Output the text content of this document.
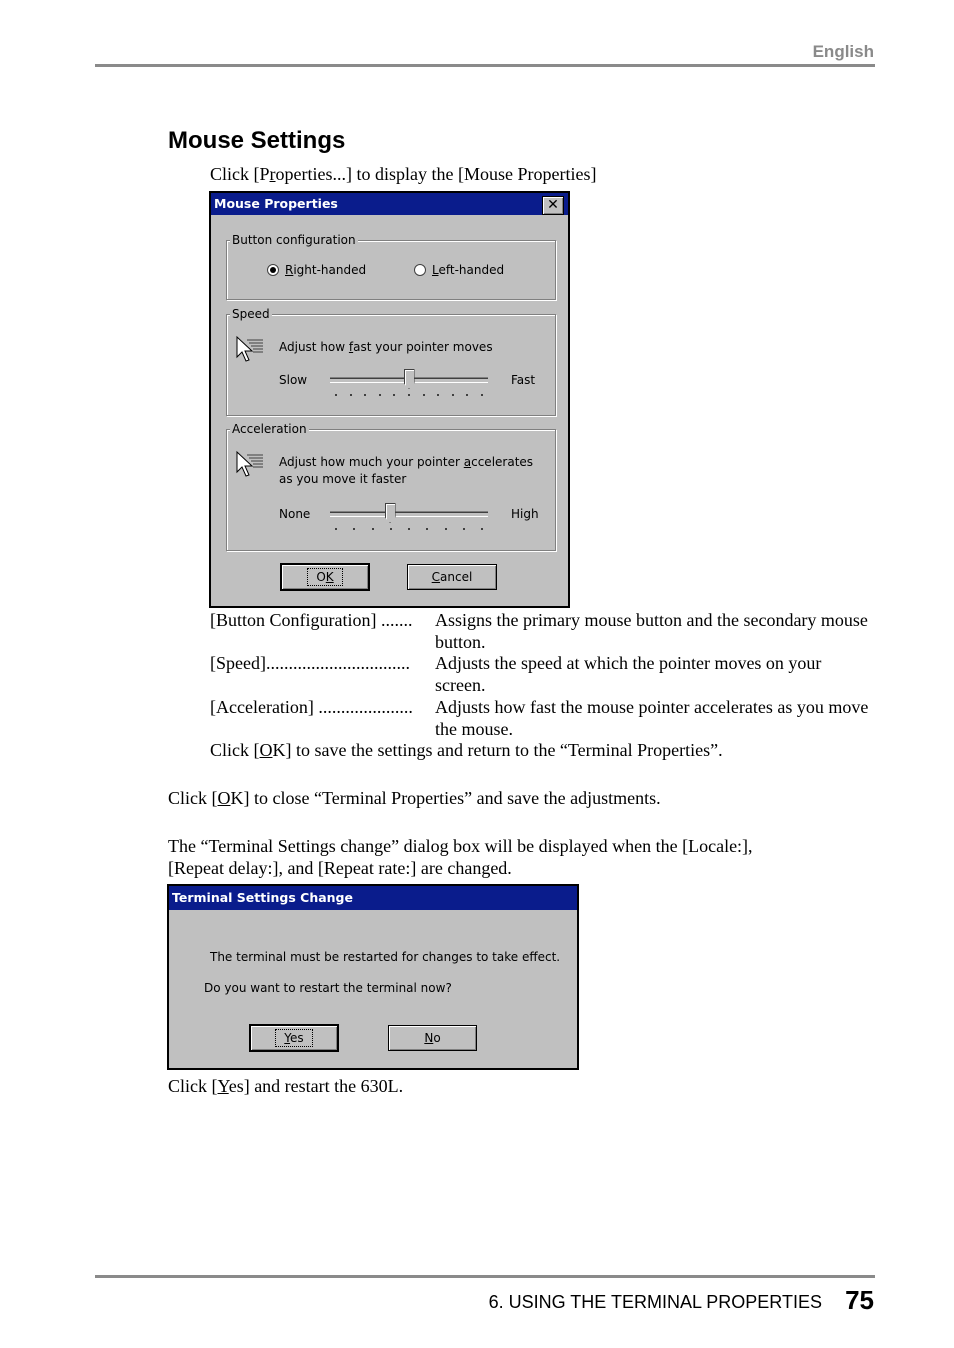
English
Mouse Settings
Click [Properties...] to display the [Mouse Properties]
Mouse Properties	✕
Button configuration
Right-handed	Left-handed
Speed
Adjust how fast your pointer moves
Slow	Fast
Acceleration
Adjust how much your pointer accelerates
as you move it faster
None	High
OK	Cancel
[Button Configuration] ....... Assigns the primary mouse button and the secondary mouse button.
[Speed]................................ Adjusts the speed at which the pointer moves on your screen.
[Acceleration] ..................... Adjusts how fast the mouse pointer accelerates as you move the mouse.
Click [OK] to save the settings and return to the “Terminal Properties”.
Click [OK] to close “Terminal Properties” and save the adjustments.
The “Terminal Settings change” dialog box will be displayed when the [Locale:],
[Repeat delay:], and [Repeat rate:] are changed.
Terminal Settings Change
The terminal must be restarted for changes to take effect.
Do you want to restart the terminal now?
Yes	No
Click [Yes] and restart the 630L.
6. USING THE TERMINAL PROPERTIES 75
